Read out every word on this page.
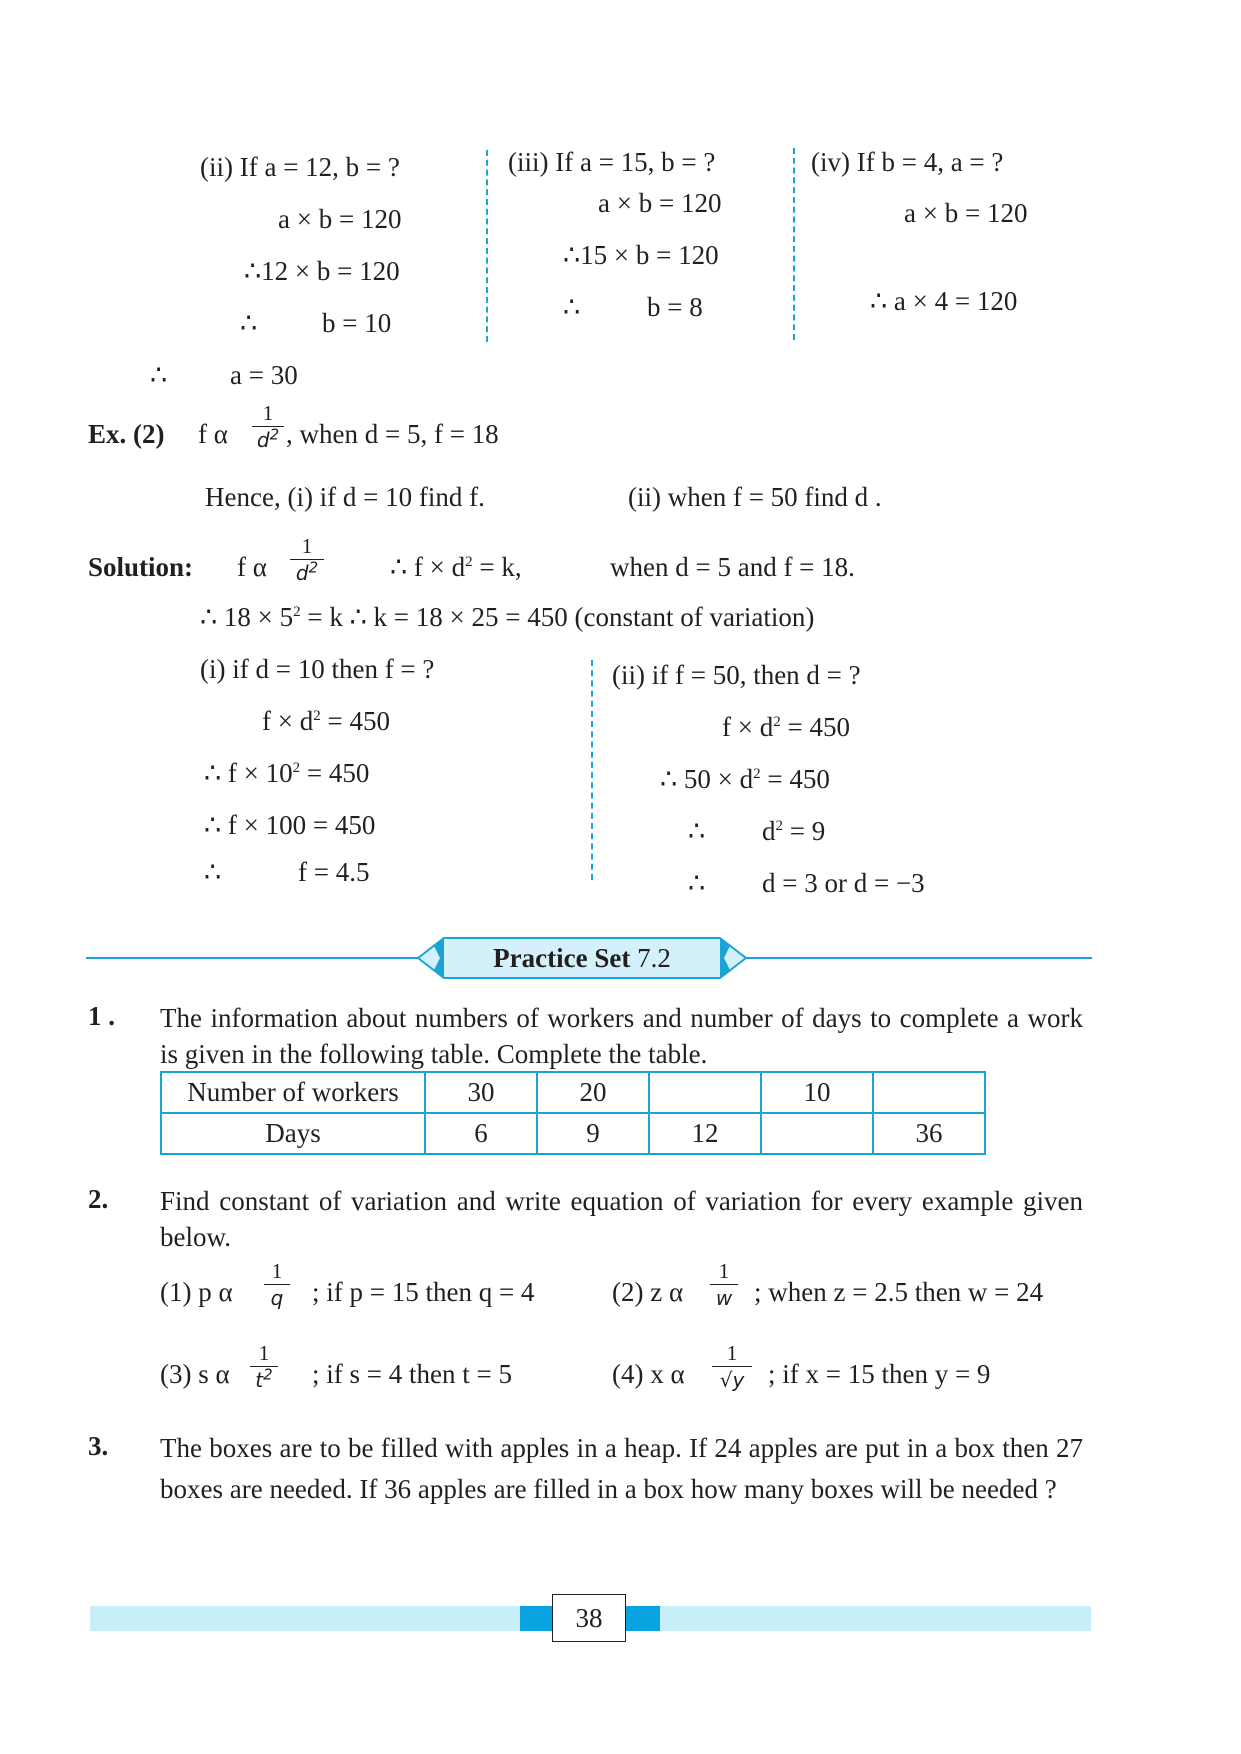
(ii) If a = 12, b = ?
a × b = 120
∴12 × b = 120
∴ b = 10
∴ a = 30
(iii) If a = 15, b = ?
a × b = 120
∴15 × b = 120
∴ b = 8
(iv) If b = 4, a = ?
a × b = 120
∴ a × 4 = 120
Ex. (2) f α
1
$d^2$ , when d = 5, f = 18
Hence, (i) if d = 10 find f.	(ii) when f = 50 find d .
Solution: f α
1
$d^2$	∴ $f \times d^2 = k$,	when d = 5 and f = 18.
∴ $18 \times 5^2 = k$ ∴ k = 18 × 25 = 450 (constant of variation)
(i) if d = 10 then f = ?
$f \times d^2 = 450$
∴ $f \times 10^2 = 450$
∴ f × 100 = 450
∴	f = 4.5
(ii) if f = 50, then d = ?
$f \times d^2 = 450$
∴ $50 \times d^2 = 450$
∴ $d^2 = 9$
∴ d = 3 or d = −3
Practice Set 7.2
1 . The information about numbers of workers and number of days to complete a work is given in the following table. Complete the table.
Number of workers	30	20		10	
Days	6	9	12		36
2. Find constant of variation and write equation of variation for every example given below.
(1) p α
1
q ; if p = 15 then q = 4	(2) z α
1
w ; when z = 2.5 then w = 24
(3) s α
1
$t^2$ ; if s = 4 then t = 5	(4) x α
1
√y ; if x = 15 then y = 9
3. The boxes are to be filled with apples in a heap. If 24 apples are put in a box then 27 boxes are needed. If 36 apples are filled in a box how many boxes will be needed ?
38
